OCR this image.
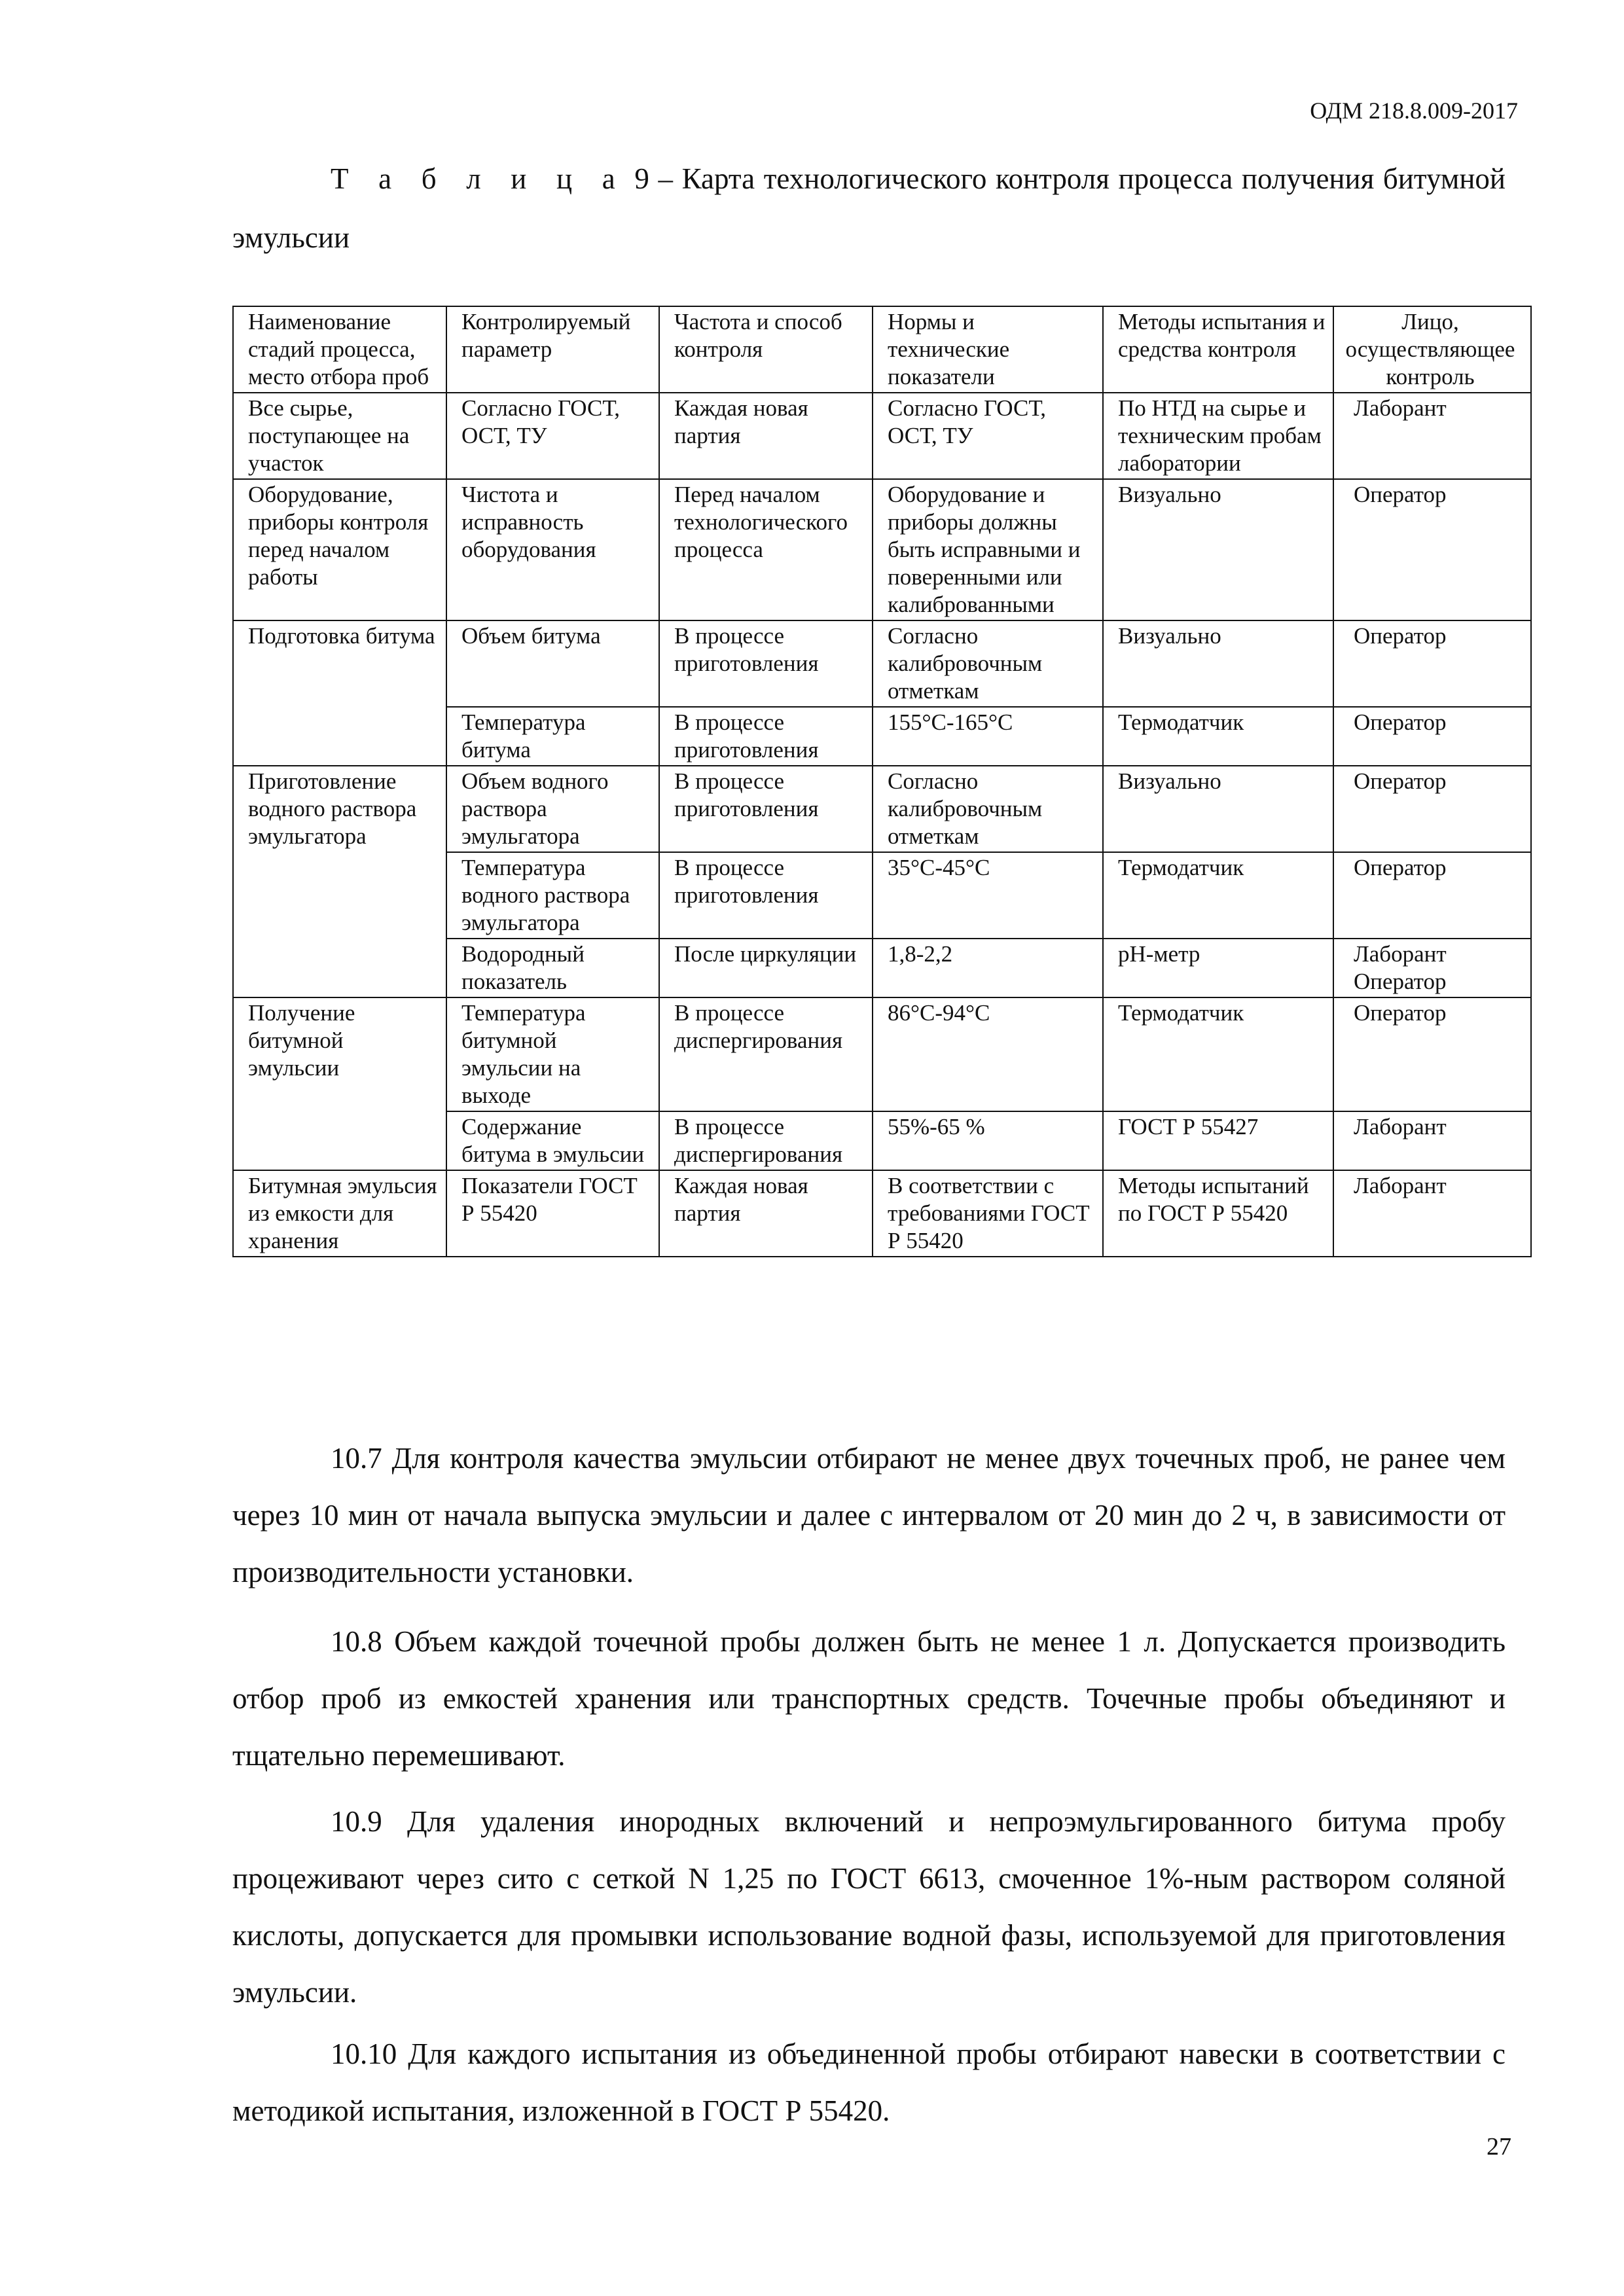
ОДМ 218.8.009-2017
Т а б л и ц а 9 – Карта технологического контроля процесса получения битумной
эмульсии
Наименование стадий процесса, место отбора проб	Контролируемый параметр	Частота и способ контроля	Нормы и технические показатели	Методы испытания и средства контроля	Лицо, осуществляющее контроль
Все сырье, поступающее на участок	Согласно ГОСТ, ОСТ, ТУ	Каждая новая партия	Согласно ГОСТ, ОСТ, ТУ	По НТД на сырье и техническим пробам лаборатории	Лаборант
Оборудование, приборы контроля перед началом работы	Чистота и исправность оборудования	Перед началом технологического процесса	Оборудование и приборы должны быть исправными и поверенными или калиброванными	Визуально	Оператор
Подготовка битума	Объем битума	В процессе приготовления	Согласно калибровочным отметкам	Визуально	Оператор
	Температура битума	В процессе приготовления	155°С-165°С	Термодатчик	Оператор
Приготовление водного раствора эмульгатора	Объем водного раствора эмульгатора	В процессе приготовления	Согласно калибровочным отметкам	Визуально	Оператор
	Температура водного раствора эмульгатора	В процессе приготовления	35°С-45°С	Термодатчик	Оператор
	Водородный показатель	После циркуляции	1,8-2,2	pH-метр	Лаборант Оператор
Получение битумной эмульсии	Температура битумной эмульсии на выходе	В процессе диспергирования	86°С-94°С	Термодатчик	Оператор
	Содержание битума в эмульсии	В процессе диспергирования	55%-65 %	ГОСТ Р 55427	Лаборант
Битумная эмульсия из емкости для хранения	Показатели ГОСТ Р 55420	Каждая новая партия	В соответствии с требованиями ГОСТ Р 55420	Методы испытаний по ГОСТ Р 55420	Лаборант

10.7 Для контроля качества эмульсии отбирают не менее двух точечных проб, не ранее чем через 10 мин от начала выпуска эмульсии и далее с интервалом от 20 мин до 2 ч, в зависимости от производительности установки.

10.8 Объем каждой точечной пробы должен быть не менее 1 л. Допускается производить отбор проб из емкостей хранения или транспортных средств. Точечные пробы объединяют и тщательно перемешивают.

10.9 Для удаления инородных включений и непроэмульгированного битума пробу процеживают через сито с сеткой N 1,25 по ГОСТ 6613, смоченное 1%-ным раствором соляной кислоты, допускается для промывки использование водной фазы, используемой для приготовления эмульсии.

10.10 Для каждого испытания из объединенной пробы отбирают навески в соответствии с методикой испытания, изложенной в ГОСТ Р 55420.

27
